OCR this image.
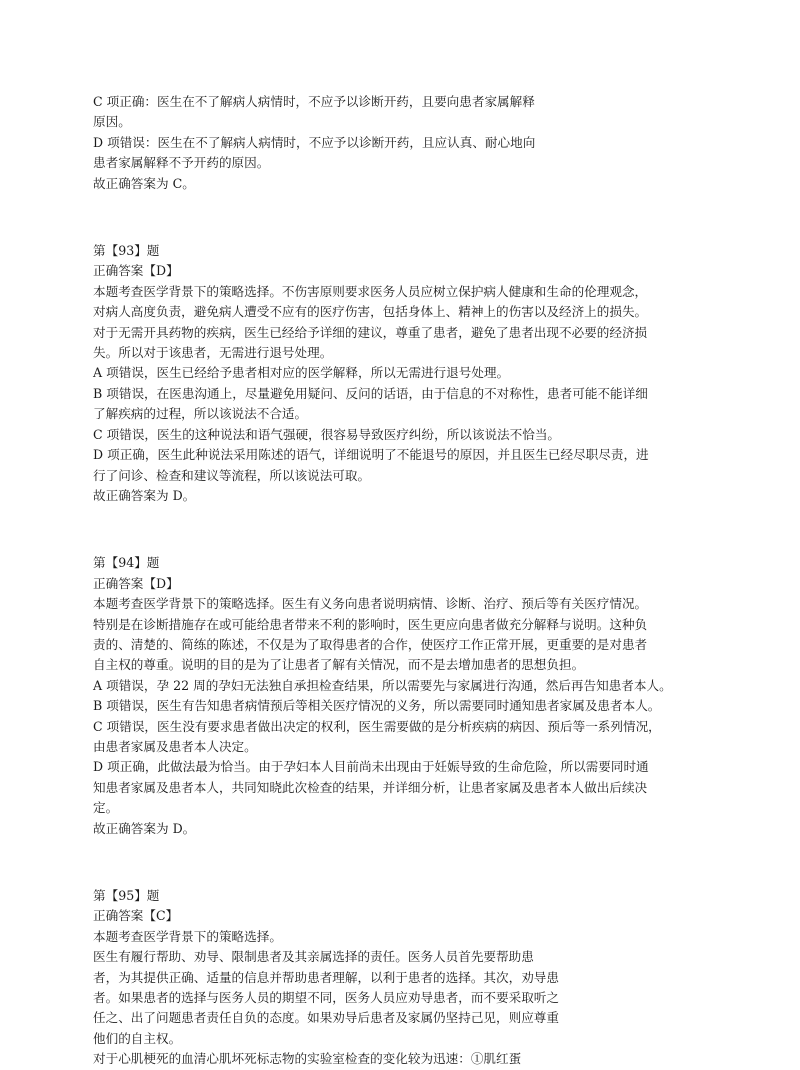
C 项正确：医生在不了解病人病情时，不应予以诊断开药，且要向患者家属解释

原因。

D 项错误：医生在不了解病人病情时，不应予以诊断开药，且应认真、耐心地向

患者家属解释不予开药的原因。

故正确答案为 C。

第【93】题

正确答案【D】

本题考查医学背景下的策略选择。不伤害原则要求医务人员应树立保护病人健康和生命的伦理观念，

对病人高度负责，避免病人遭受不应有的医疗伤害，包括身体上、精神上的伤害以及经济上的损失。

对于无需开具药物的疾病，医生已经给予详细的建议，尊重了患者，避免了患者出现不必要的经济损

失。所以对于该患者，无需进行退号处理。

A 项错误，医生已经给予患者相对应的医学解释，所以无需进行退号处理。

B 项错误，在医患沟通上，尽量避免用疑问、反问的话语，由于信息的不对称性，患者可能不能详细

了解疾病的过程，所以该说法不合适。

C 项错误，医生的这种说法和语气强硬，很容易导致医疗纠纷，所以该说法不恰当。

D 项正确，医生此种说法采用陈述的语气，详细说明了不能退号的原因，并且医生已经尽职尽责，进

行了问诊、检查和建议等流程，所以该说法可取。

故正确答案为 D。

第【94】题

正确答案【D】

本题考查医学背景下的策略选择。医生有义务向患者说明病情、诊断、治疗、预后等有关医疗情况。

特别是在诊断措施存在或可能给患者带来不利的影响时，医生更应向患者做充分解释与说明。这种负

责的、清楚的、简练的陈述，不仅是为了取得患者的合作，使医疗工作正常开展，更重要的是对患者

自主权的尊重。说明的目的是为了让患者了解有关情况，而不是去增加患者的思想负担。

A 项错误，孕 22 周的孕妇无法独自承担检查结果，所以需要先与家属进行沟通，然后再告知患者本人。

B 项错误，医生有告知患者病情预后等相关医疗情况的义务，所以需要同时通知患者家属及患者本人。

C 项错误，医生没有要求患者做出决定的权利，医生需要做的是分析疾病的病因、预后等一系列情况，

由患者家属及患者本人决定。

D 项正确，此做法最为恰当。由于孕妇本人目前尚未出现由于妊娠导致的生命危险，所以需要同时通

知患者家属及患者本人，共同知晓此次检查的结果，并详细分析，让患者家属及患者本人做出后续决

定。

故正确答案为 D。

第【95】题

正确答案【C】

本题考查医学背景下的策略选择。

医生有履行帮助、劝导、限制患者及其亲属选择的责任。医务人员首先要帮助患

者，为其提供正确、适量的信息并帮助患者理解，以利于患者的选择。其次，劝导患

者。如果患者的选择与医务人员的期望不同，医务人员应劝导患者，而不要采取听之

任之、出了问题患者责任自负的态度。如果劝导后患者及家属仍坚持己见，则应尊重

他们的自主权。

对于心肌梗死的血清心肌坏死标志物的实验室检查的变化较为迅速：①肌红蛋
